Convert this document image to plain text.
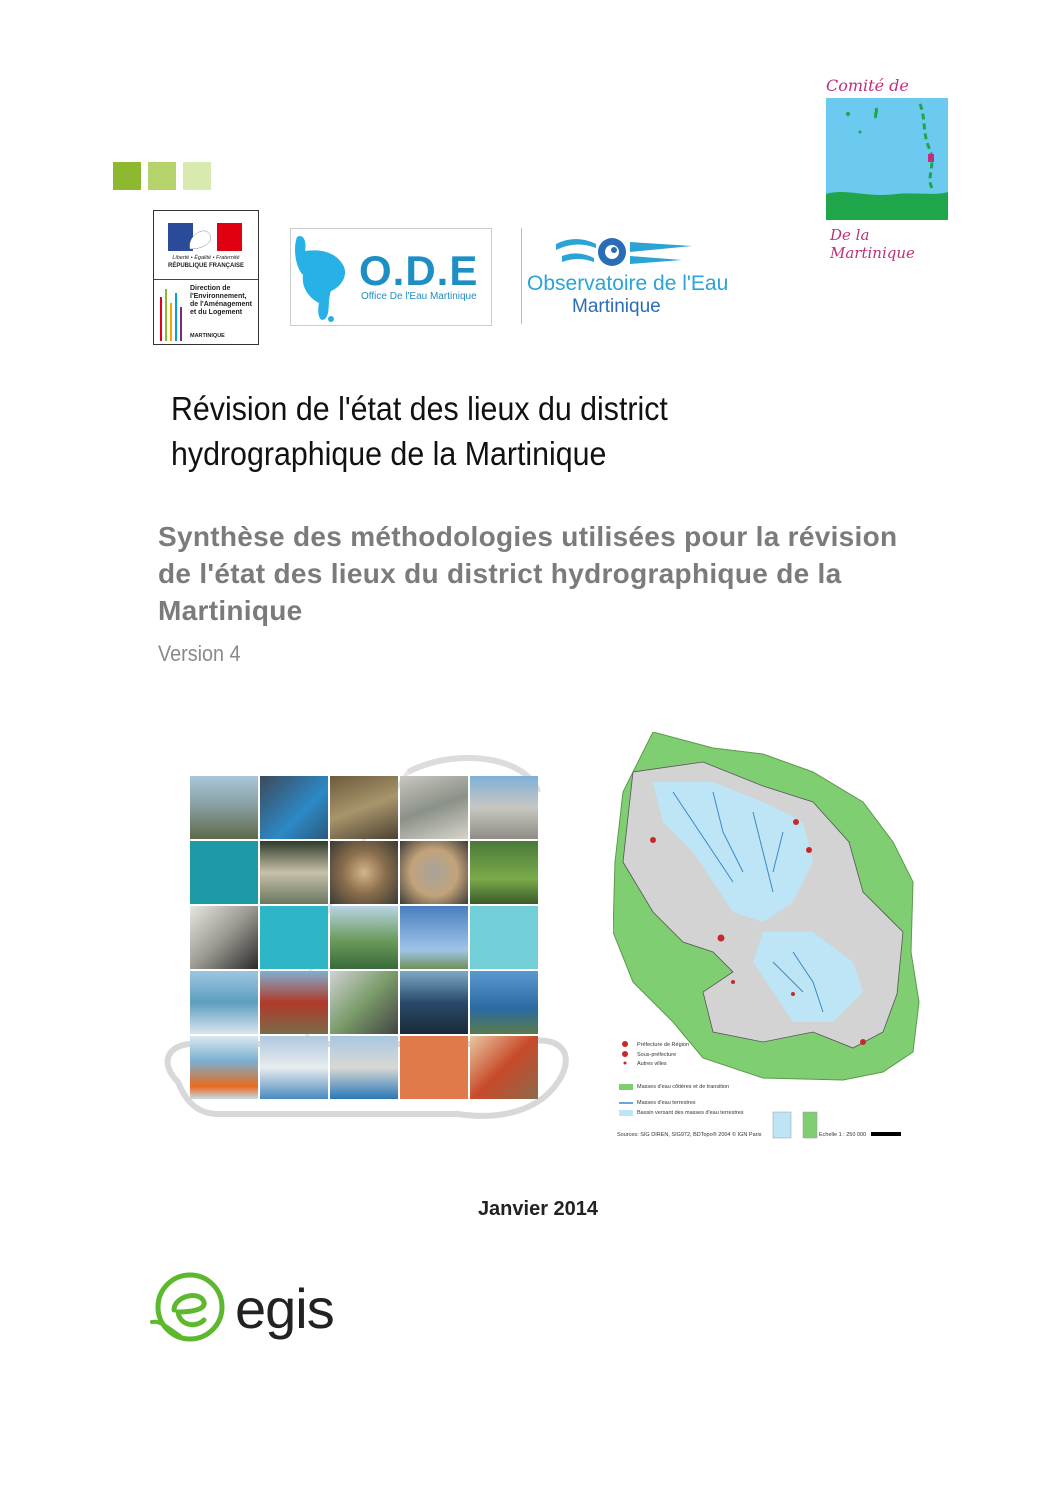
Liberté • Égalité • Fraternité
RÉPUBLIQUE FRANÇAISE
Direction de l'Environnement, de l'Aménagement et du Logement
MARTINIQUE
O.D.E
Office De l'Eau Martinique
Observatoire de l'Eau
Martinique
Comité de
De la Martinique
Révision de l'état des lieux du district hydrographique de la Martinique
Synthèse des méthodologies utilisées pour la révision de l'état des lieux du district hydrographique de la Martinique
Version 4
Préfecture de Région
Sous-préfecture
Autres villes
Masses d'eau côtières et de transition
Masses d'eau terrestres
Bassin versant des masses d'eau terrestres
Sources: SIG DIREN, SIG972, BDTopo® 2004 © IGN Paris	Echelle 1 : 250 000
Janvier 2014
egis
